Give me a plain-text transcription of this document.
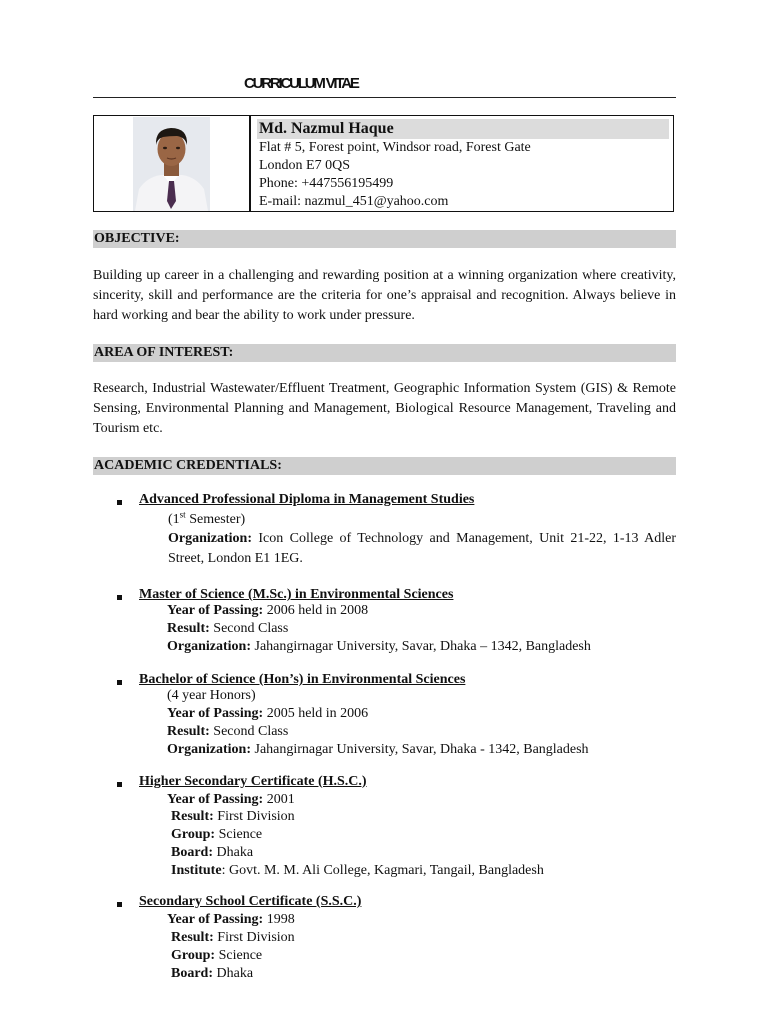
CURRICULUM VITAE
Md. Nazmul Haque
Flat # 5, Forest point, Windsor road, Forest Gate
London E7 0QS
Phone: +447556195499
E-mail: nazmul_451@yahoo.com
OBJECTIVE:
Building up career in a challenging and rewarding position at a winning organization where creativity, sincerity, skill and performance are the criteria for one’s appraisal and recognition. Always believe in hard working and bear the ability to work under pressure.
AREA OF INTEREST:
Research, Industrial Wastewater/Effluent Treatment, Geographic Information System (GIS) & Remote Sensing, Environmental Planning and Management, Biological Resource Management, Traveling and Tourism etc.
ACADEMIC CREDENTIALS:
Advanced Professional Diploma in Management Studies
(1st Semester)
Organization: Icon College of Technology and Management, Unit 21-22, 1-13 Adler Street, London E1 1EG.
Master of Science (M.Sc.) in Environmental Sciences
Year of Passing: 2006 held in 2008
Result: Second Class
Organization: Jahangirnagar University, Savar, Dhaka – 1342, Bangladesh
Bachelor of Science (Hon’s) in Environmental Sciences
(4 year Honors)
Year of Passing: 2005 held in 2006
Result: Second Class
Organization: Jahangirnagar University, Savar, Dhaka - 1342, Bangladesh
Higher Secondary Certificate (H.S.C.)
Year of Passing: 2001
Result: First Division
Group: Science
Board: Dhaka
Institute: Govt. M. M. Ali College, Kagmari, Tangail, Bangladesh
Secondary School Certificate (S.S.C.)
Year of Passing: 1998
Result: First Division
Group: Science
Board: Dhaka
